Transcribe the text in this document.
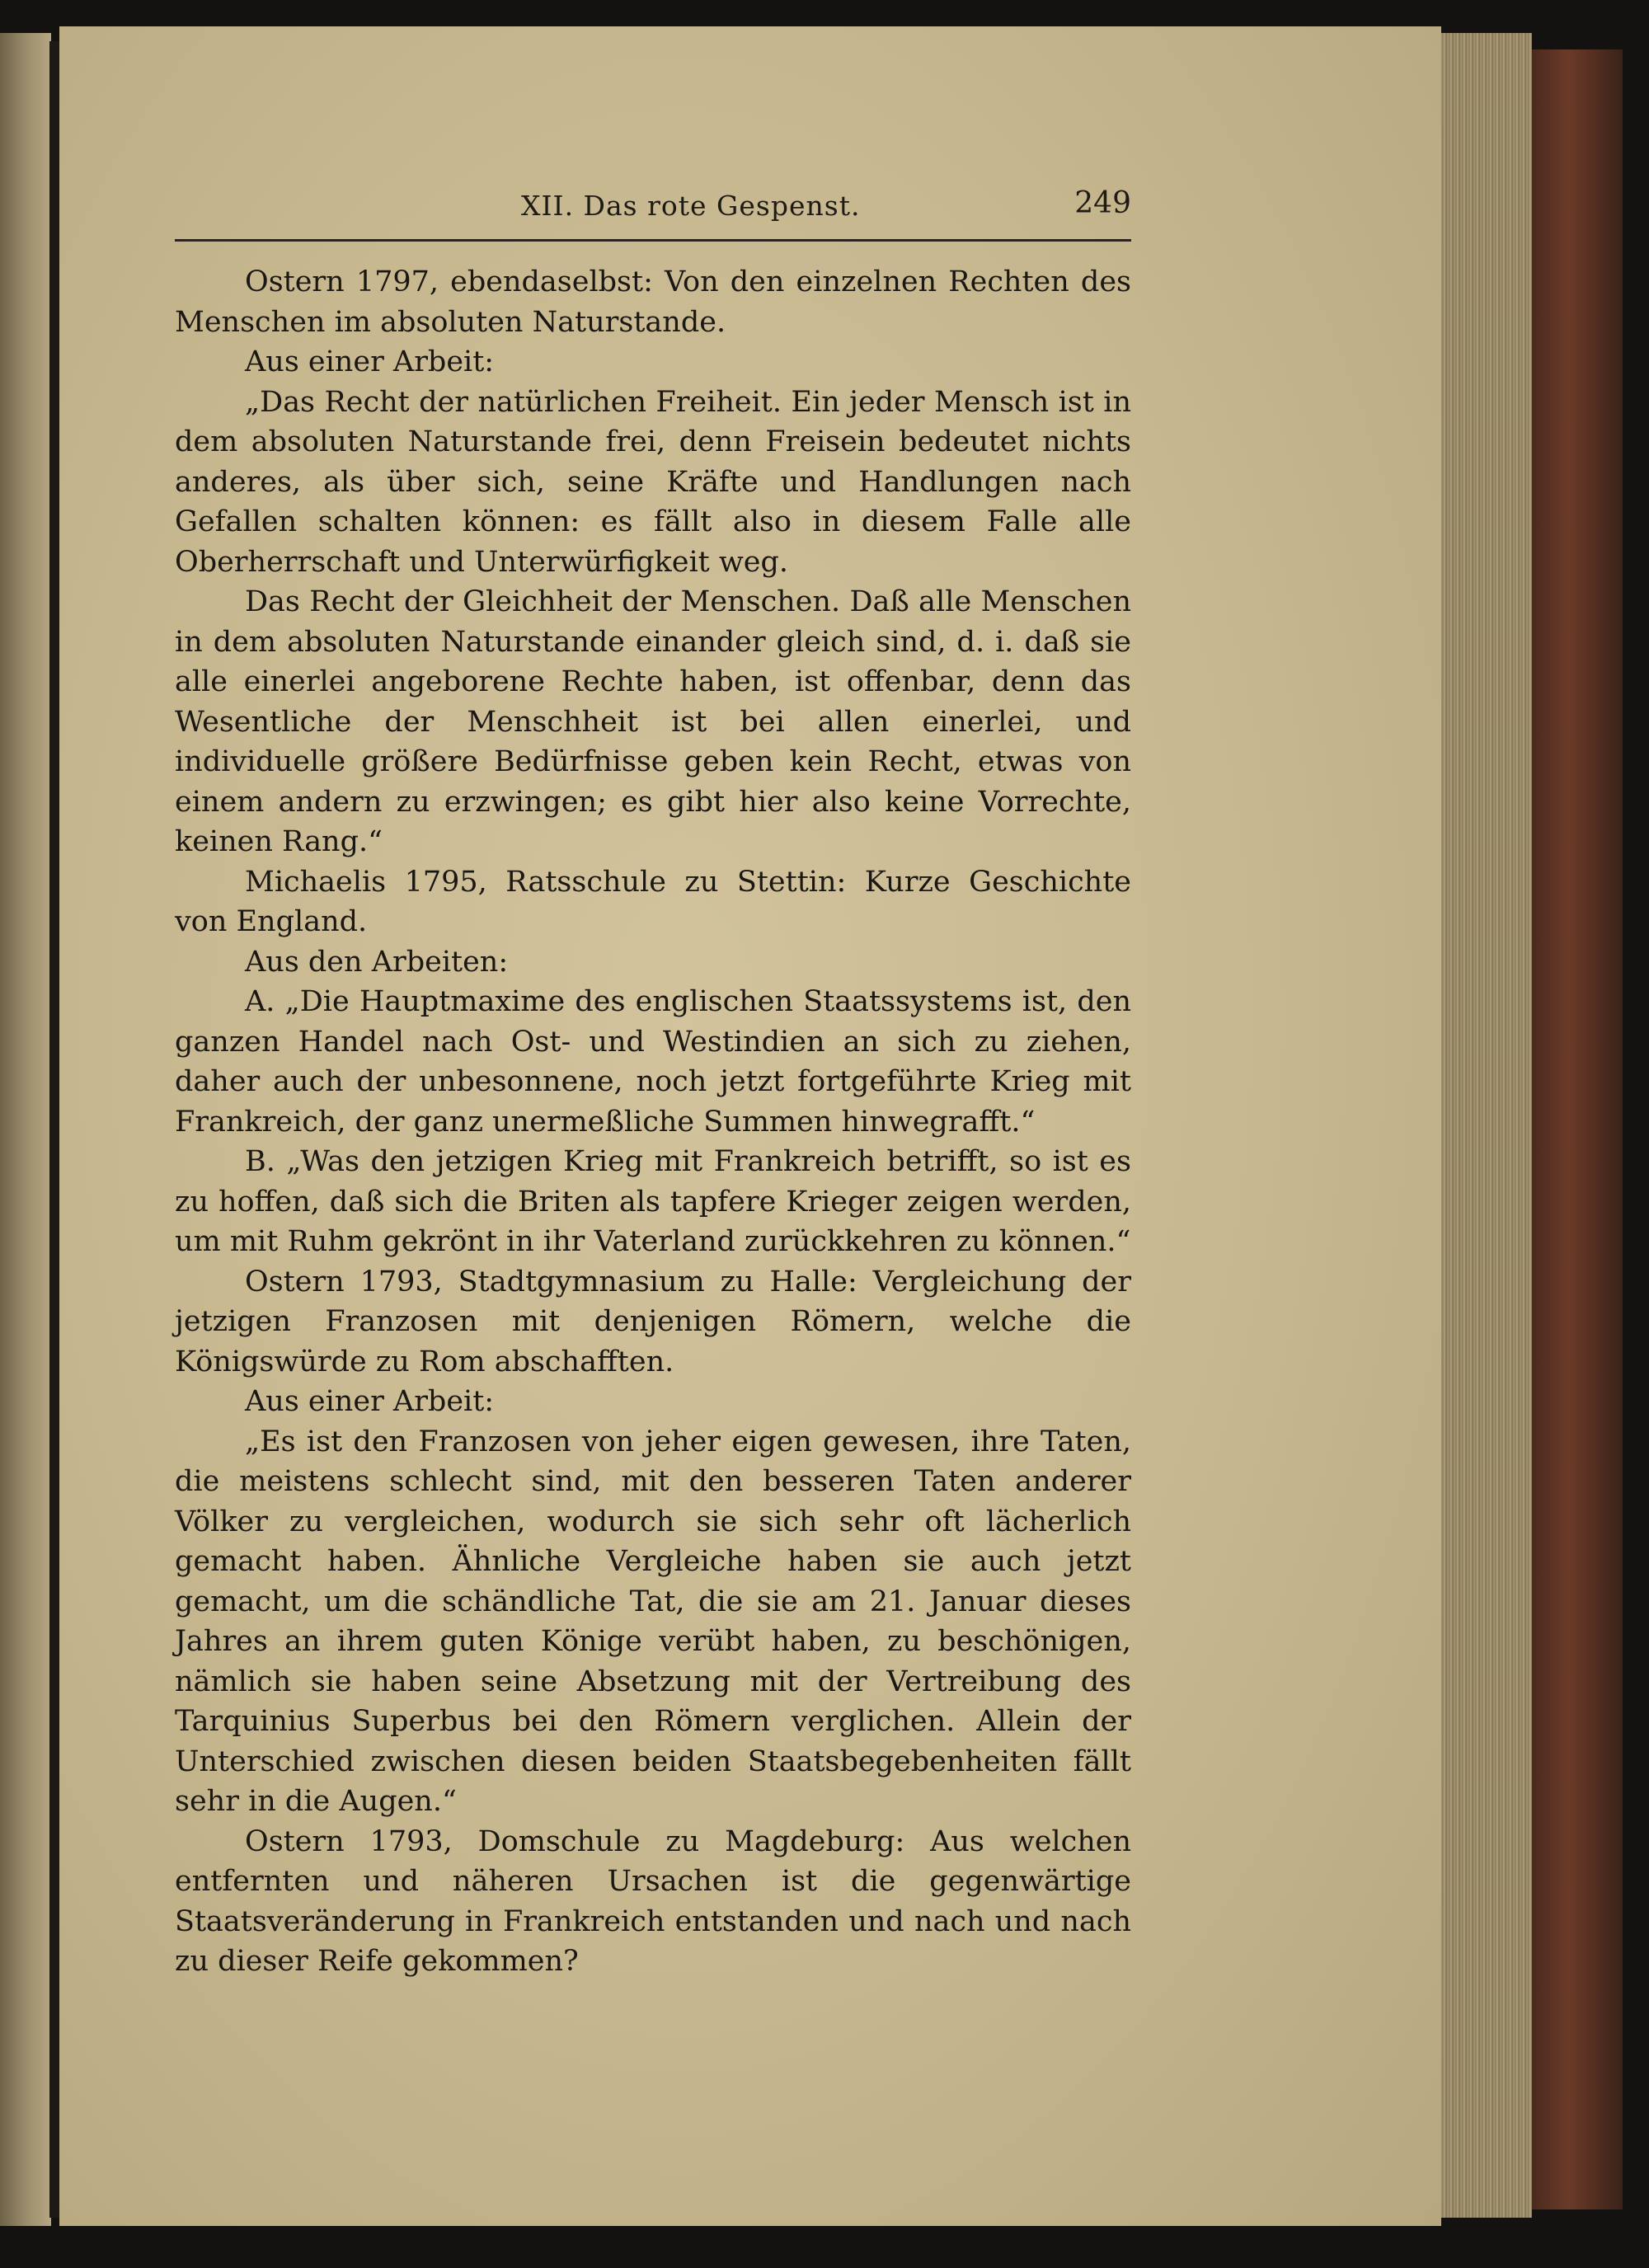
XII. Das rote Gespenst.	249

Ostern 1797, ebendaselbst: Von den einzelnen Rechten des Menschen im absoluten Naturstande.

Aus einer Arbeit:

„Das Recht der natürlichen Freiheit. Ein jeder Mensch ist in dem absoluten Naturstande frei, denn Freisein bedeutet nichts anderes, als über sich, seine Kräfte und Handlungen nach Gefallen schalten können: es fällt also in diesem Falle alle Oberherrschaft und Unterwürfigkeit weg.

Das Recht der Gleichheit der Menschen. Daß alle Menschen in dem absoluten Naturstande einander gleich sind, d. i. daß sie alle einerlei angeborene Rechte haben, ist offenbar, denn das Wesentliche der Menschheit ist bei allen einerlei, und individuelle größere Bedürfnisse geben kein Recht, etwas von einem andern zu erzwingen; es gibt hier also keine Vorrechte, keinen Rang.“

Michaelis 1795, Ratsschule zu Stettin: Kurze Geschichte von England.

Aus den Arbeiten:

A. „Die Hauptmaxime des englischen Staatssystems ist, den ganzen Handel nach Ost- und Westindien an sich zu ziehen, daher auch der unbesonnene, noch jetzt fortgeführte Krieg mit Frankreich, der ganz unermeßliche Summen hinwegrafft.“

B. „Was den jetzigen Krieg mit Frankreich betrifft, so ist es zu hoffen, daß sich die Briten als tapfere Krieger zeigen werden, um mit Ruhm gekrönt in ihr Vaterland zurückkehren zu können.“

Ostern 1793, Stadtgymnasium zu Halle: Vergleichung der jetzigen Franzosen mit denjenigen Römern, welche die Königswürde zu Rom abschafften.

Aus einer Arbeit:

„Es ist den Franzosen von jeher eigen gewesen, ihre Taten, die meistens schlecht sind, mit den besseren Taten anderer Völker zu vergleichen, wodurch sie sich sehr oft lächerlich gemacht haben. Ähnliche Vergleiche haben sie auch jetzt gemacht, um die schändliche Tat, die sie am 21. Januar dieses Jahres an ihrem guten Könige verübt haben, zu beschönigen, nämlich sie haben seine Absetzung mit der Vertreibung des Tarquinius Superbus bei den Römern verglichen. Allein der Unterschied zwischen diesen beiden Staatsbegebenheiten fällt sehr in die Augen.“

Ostern 1793, Domschule zu Magdeburg: Aus welchen entfernten und näheren Ursachen ist die gegenwärtige Staatsveränderung in Frankreich entstanden und nach und nach zu dieser Reife gekommen?
